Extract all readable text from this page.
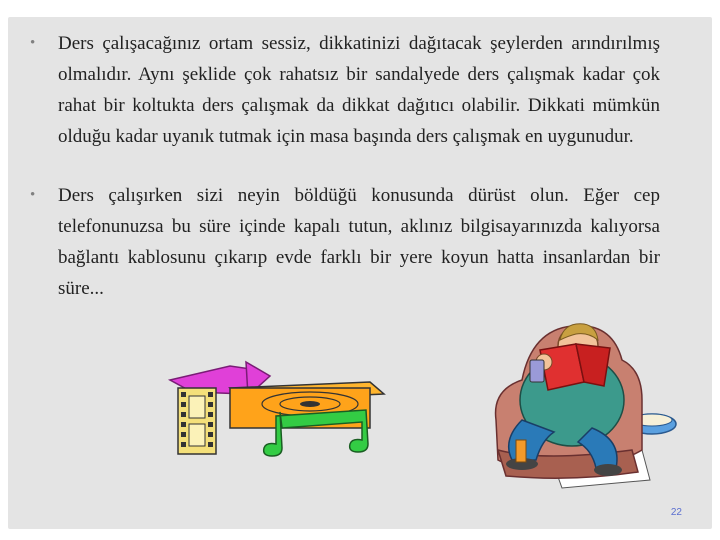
• Ders çalışacağınız ortam sessiz, dikkatinizi dağıtacak şeylerden arındırılmış olmalıdır. Aynı şeklide çok rahatsız bir sandalyede ders çalışmak kadar çok rahat bir koltukta ders çalışmak da dikkat dağıtıcı olabilir. Dikkati mümkün olduğu kadar uyanık tutmak için masa başında ders çalışmak en uygunudur.

• Ders çalışırken sizi neyin böldüğü konusunda dürüst olun. Eğer cep telefonunuzsa bu süre içinde kapalı tutun, aklınız bilgisayarınızda kalıyorsa bağlantı kablosunu çıkarıp evde farklı bir yere koyun hatta insanlardan bir süre...

22
